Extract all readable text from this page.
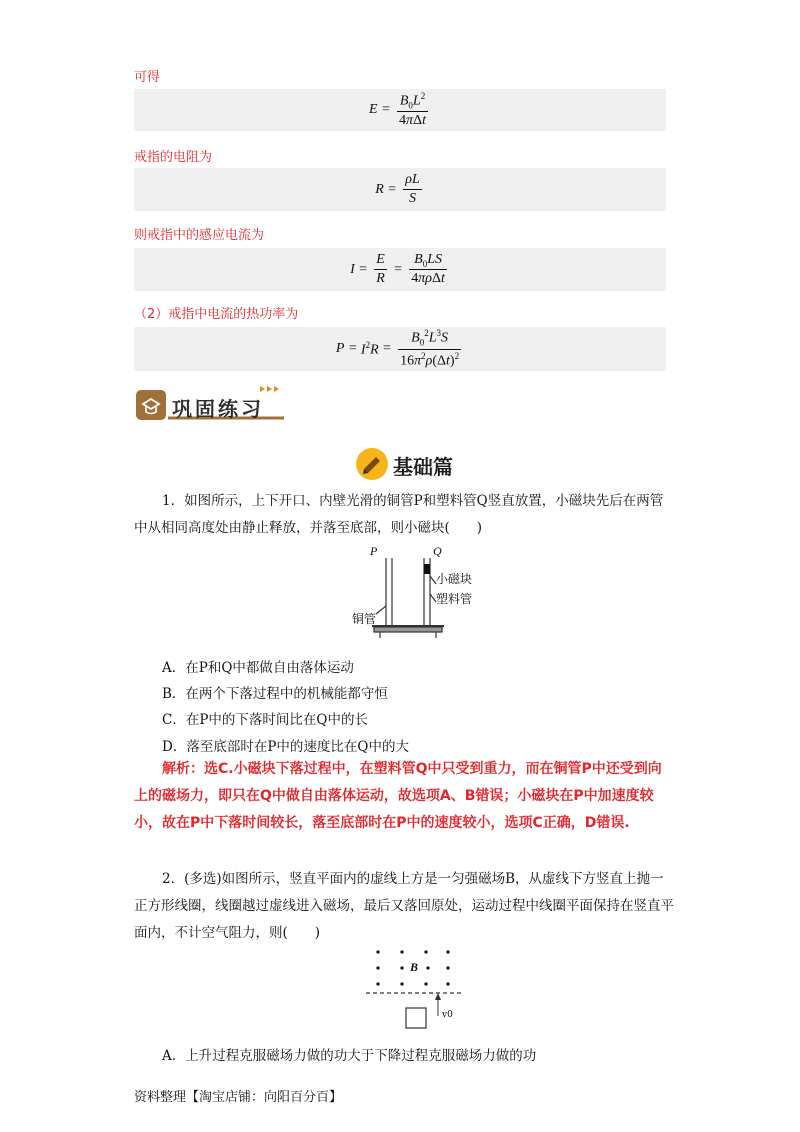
可得
$E = \frac{B_0L^2}{\text{4πΔt}}$
戒指的电阻为
$R = \frac{\rho L}{S}$
则戒指中的感应电流为
$I = \frac{E}{R} = \frac{B_0LS}{\text{4πρΔt}}$
（2）戒指中电流的热功率为
$P = I^2R = \frac{B_0^2L^3S}{16\pi^2\rho(\Delta t)^2}$
巩固练习
基础篇
1．如图所示，上下开口、内壁光滑的铜管P和塑料管Q竖直放置，小磁块先后在两管中从相同高度处由静止释放，并落至底部，则小磁块(　　)
P	Q
小磁块
塑料管
铜管
A．在P和Q中都做自由落体运动
B．在两个下落过程中的机械能都守恒
C．在P中的下落时间比在Q中的长
D．落至底部时在P中的速度比在Q中的大
解析：选C.小磁块下落过程中，在塑料管Q中只受到重力，而在铜管P中还受到向上的磁场力，即只在Q中做自由落体运动，故选项A、B错误；小磁块在P中加速度较小，故在P中下落时间较长，落至底部时在P中的速度较小，选项C正确，D错误.
2．(多选)如图所示，竖直平面内的虚线上方是一匀强磁场B，从虚线下方竖直上抛一正方形线圈，线圈越过虚线进入磁场，最后又落回原处，运动过程中线圈平面保持在竖直平面内，不计空气阻力，则(　　)
B
v0
A．上升过程克服磁场力做的功大于下降过程克服磁场力做的功
资料整理【淘宝店铺：向阳百分百】
